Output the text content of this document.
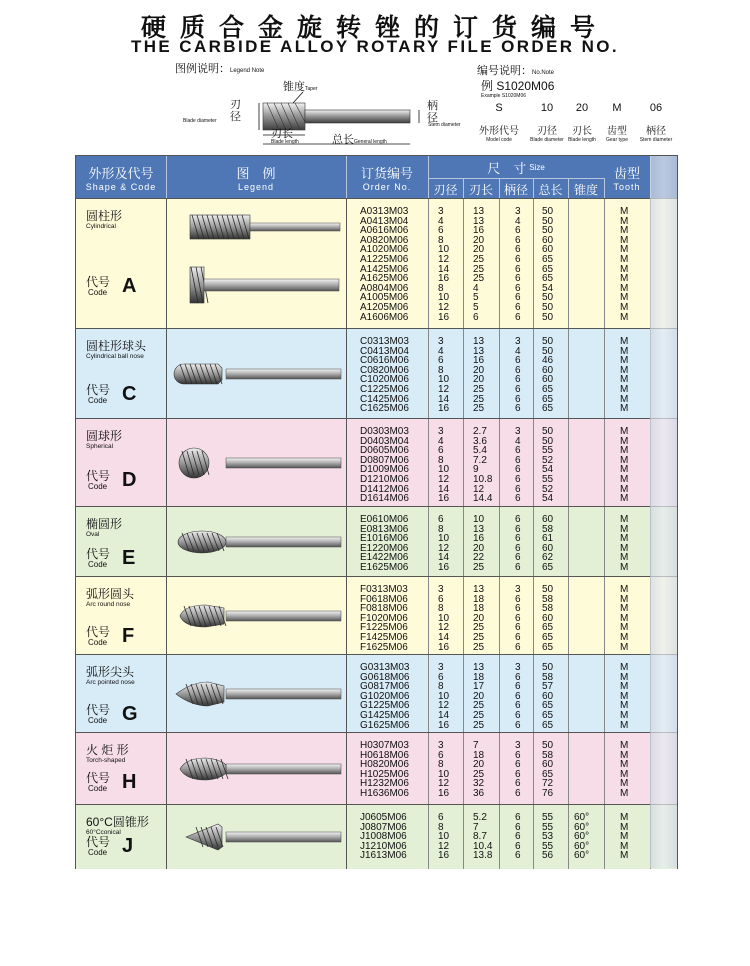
硬质合金旋转锉的订货编号
THE CARBIDE ALLOY ROTARY FILE ORDER NO.
图例说明：Legend Note
锥度Taper
刃径
Blade diameter
柄径
Stem diameter
刃长
Blade length	总长General length
编号说明：No.Note
例 S1020M06
Example S1020M06
S
外形代号
Model code
10
刃径
Blade diameter
20
刃长
Blade length
M
齿型
Gear type
06
柄径
Stem diameter
外形及代号
Shape & Code
图　例
Legend
订货编号
Order No.
尺　寸 Size
刃径 刃长 柄径 总长 锥度
齿型
Tooth
圆柱形
Cylindrical
代号
Code A
A0313M03
A0413M04
A0616M06
A0820M06
A1020M06
A1225M06
A1425M06
A1625M06
A0804M06
A1005M06
A1205M06
A1606M06
3
4
6
8
10
12
14
16
8
10
12
16
13
13
16
20
20
25
25
25
4
5
5
6
3
4
6
6
6
6
6
6
6
6
6
6
50
50
50
60
60
65
65
65
54
50
50
50
M
M
M
M
M
M
M
M
M
M
M
M
圆柱形球头
Cylindrical ball nose
代号
Code C
C0313M03
C0413M04
C0616M06
C0820M06
C1020M06
C1225M06
C1425M06
C1625M06
3
4
6
8
10
12
14
16
13
13
16
20
20
25
25
25
3
4
6
6
6
6
6
6
50
50
46
60
60
65
65
65
M
M
M
M
M
M
M
M
圆球形
Spherical
代号
Code D
D0303M03
D0403M04
D0605M06
D0807M06
D1009M06
D1210M06
D1412M06
D1614M06
3
4
6
8
10
12
14
16
2.7
3.6
5.4
7.2
9
10.8
12
14.4
3
4
6
6
6
6
6
6
50
50
55
52
54
55
52
54
M
M
M
M
M
M
M
M
椭圆形
Oval
代号
Code E
E0610M06
E0813M06
E1016M06
E1220M06
E1422M06
E1625M06
6
8
10
12
14
16
10
13
16
20
22
25
6
6
6
6
6
6
60
58
61
60
62
65
M
M
M
M
M
M
弧形圆头
Arc round nose
代号
Code F
F0313M03
F0618M06
F0818M06
F1020M06
F1225M06
F1425M06
F1625M06
3
6
8
10
12
14
16
13
18
18
20
25
25
25
3
6
6
6
6
6
6
50
58
58
60
65
65
65
M
M
M
M
M
M
M
弧形尖头
Arc pointed nose
代号
Code G
G0313M03
G0618M06
G0817M06
G1020M06
G1225M06
G1425M06
G1625M06
3
6
8
10
12
14
16
13
18
17
20
25
25
25
3
6
6
6
6
6
6
50
58
57
60
65
65
65
M
M
M
M
M
M
M
火 炬 形
Torch-shaped
代号
Code H
H0307M03
H0618M06
H0820M06
H1025M06
H1232M06
H1636M06
3
6
8
10
12
16
7
18
20
25
32
36
3
6
6
6
6
6
50
58
60
65
72
76
M
M
M
M
M
M
60°C圆锥形
60°Cconical
代号
Code J
J0605M06
J0807M06
J1008M06
J1210M06
J1613M06
6
8
10
12
16
5.2
7
8.7
10.4
13.8
6
6
6
6
6
55
55
53
55
56
60°
60°
60°
60°
60°
M
M
M
M
M
